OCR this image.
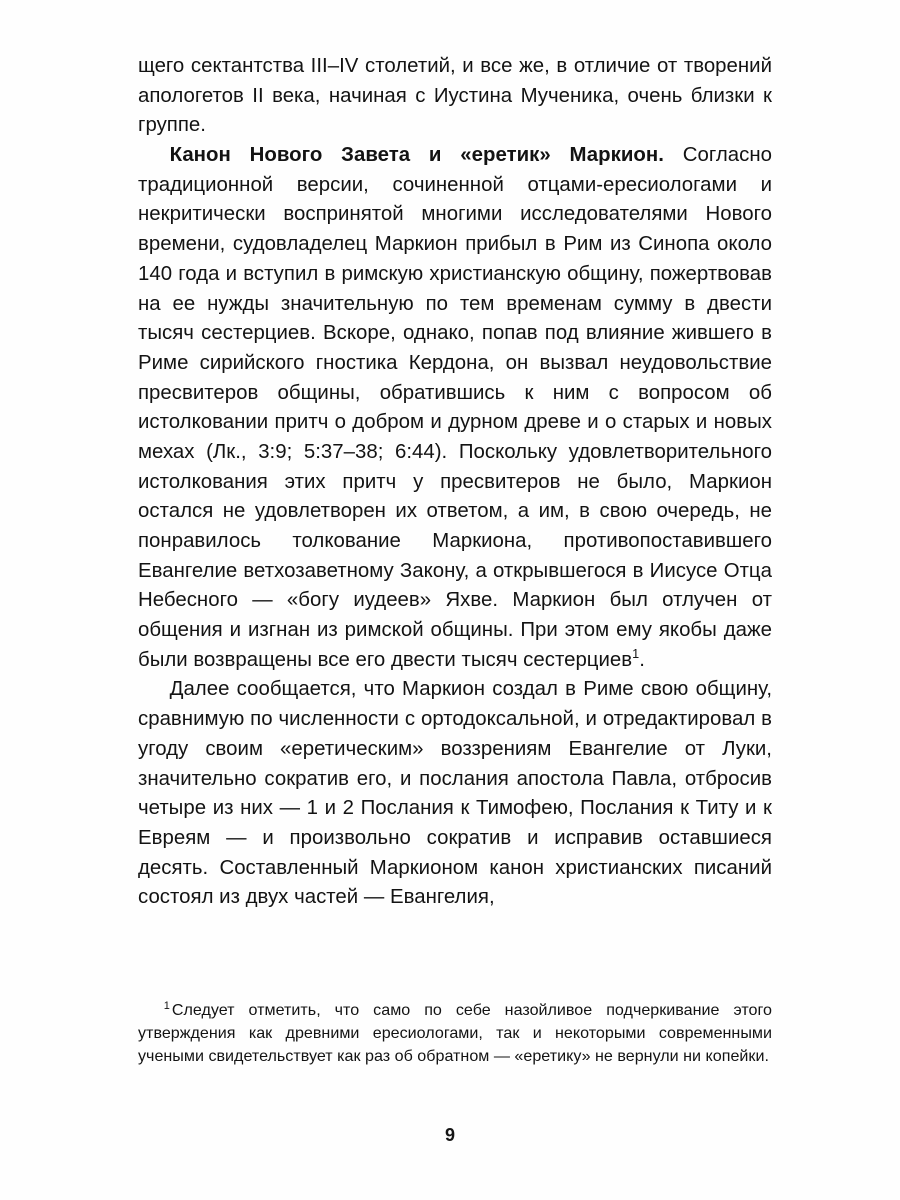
щего сектантства III–IV столетий, и все же, в отличие от творений апологетов II века, начиная с Иустина Мученика, очень близки к группе.

Канон Нового Завета и «еретик» Маркион. Согласно традиционной версии, сочиненной отцами-ересиологами и некритически воспринятой многими исследователями Нового времени, судовладелец Маркион прибыл в Рим из Синопа около 140 года и вступил в римскую христианскую общину, пожертвовав на ее нужды значительную по тем временам сумму в двести тысяч сестерциев. Вскоре, однако, попав под влияние жившего в Риме сирийского гностика Кердона, он вызвал неудовольствие пресвитеров общины, обратившись к ним с вопросом об истолковании притч о добром и дурном древе и о старых и новых мехах (Лк., 3:9; 5:37–38; 6:44). Поскольку удовлетворительного истолкования этих притч у пресвитеров не было, Маркион остался не удовлетворен их ответом, а им, в свою очередь, не понравилось толкование Маркиона, противопоставившего Евангелие ветхозаветному Закону, а открывшегося в Иисусе Отца Небесного — «богу иудеев» Яхве. Маркион был отлучен от общения и изгнан из римской общины. При этом ему якобы даже были возвращены все его двести тысяч сестерциев$^1$.

Далее сообщается, что Маркион создал в Риме свою общину, сравнимую по численности с ортодоксальной, и отредактировал в угоду своим «еретическим» воззрениям Евангелие от Луки, значительно сократив его, и послания апостола Павла, отбросив четыре из них — 1 и 2 Послания к Тимофею, Послания к Титу и к Евреям — и произвольно сократив и исправив оставшиеся десять. Составленный Маркионом канон христианских писаний состоял из двух частей — Евангелия,

$^1$ Следует отметить, что само по себе назойливое подчеркивание этого утверждения как древними ересиологами, так и некоторыми современными учеными свидетельствует как раз об обратном — «еретику» не вернули ни копейки.

9
